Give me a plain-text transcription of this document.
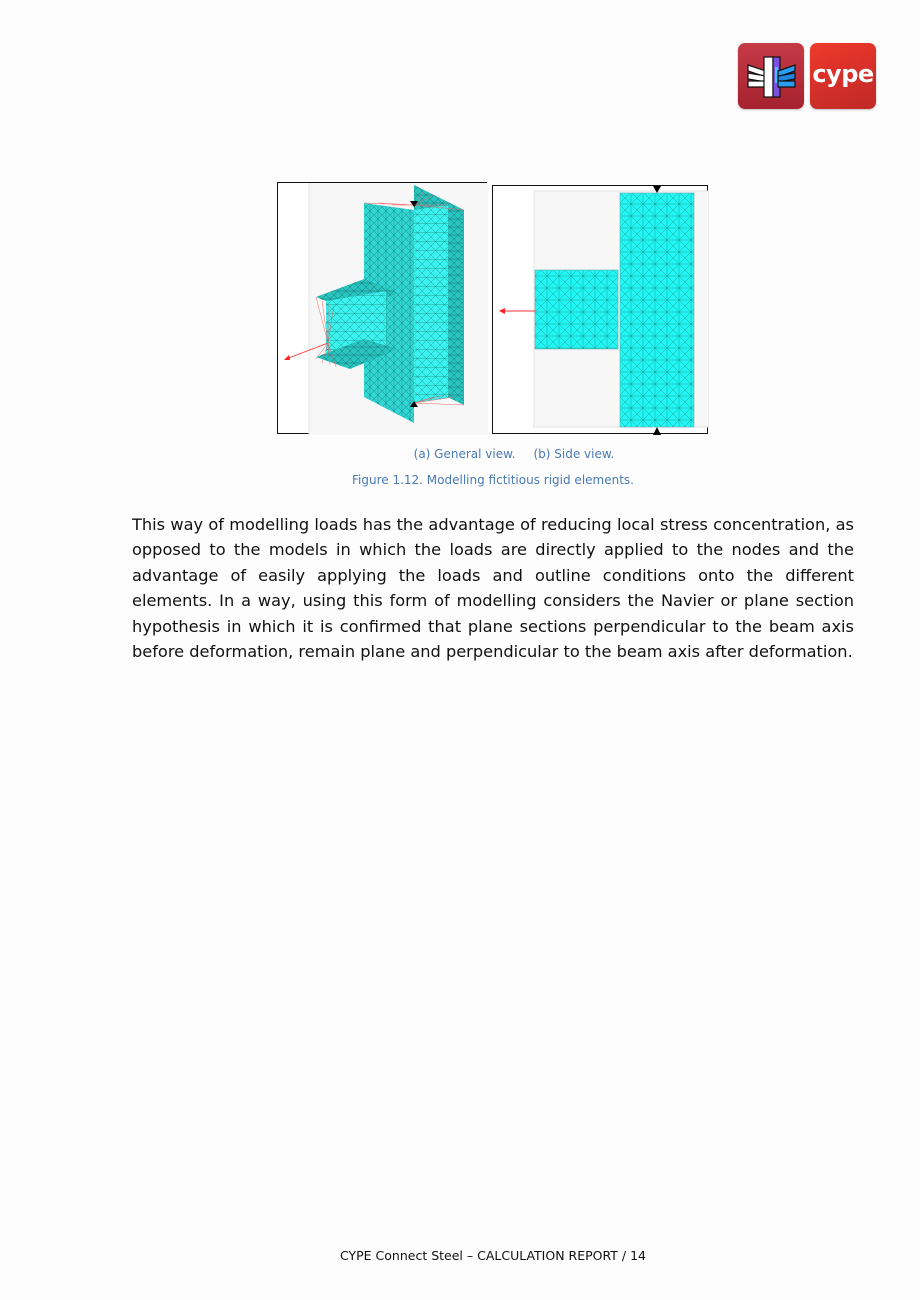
cype
(a) General view. (b) Side view.
Figure 1.12. Modelling fictitious rigid elements.

This way of modelling loads has the advantage of reducing local stress concentration, as opposed to the models in which the loads are directly applied to the nodes and the advantage of easily applying the loads and outline conditions onto the different elements. In a way, using this form of modelling considers the Navier or plane section hypothesis in which it is confirmed that plane sections perpendicular to the beam axis before deformation, remain plane and perpendicular to the beam axis after deformation.

CYPE Connect Steel – CALCULATION REPORT / 14
